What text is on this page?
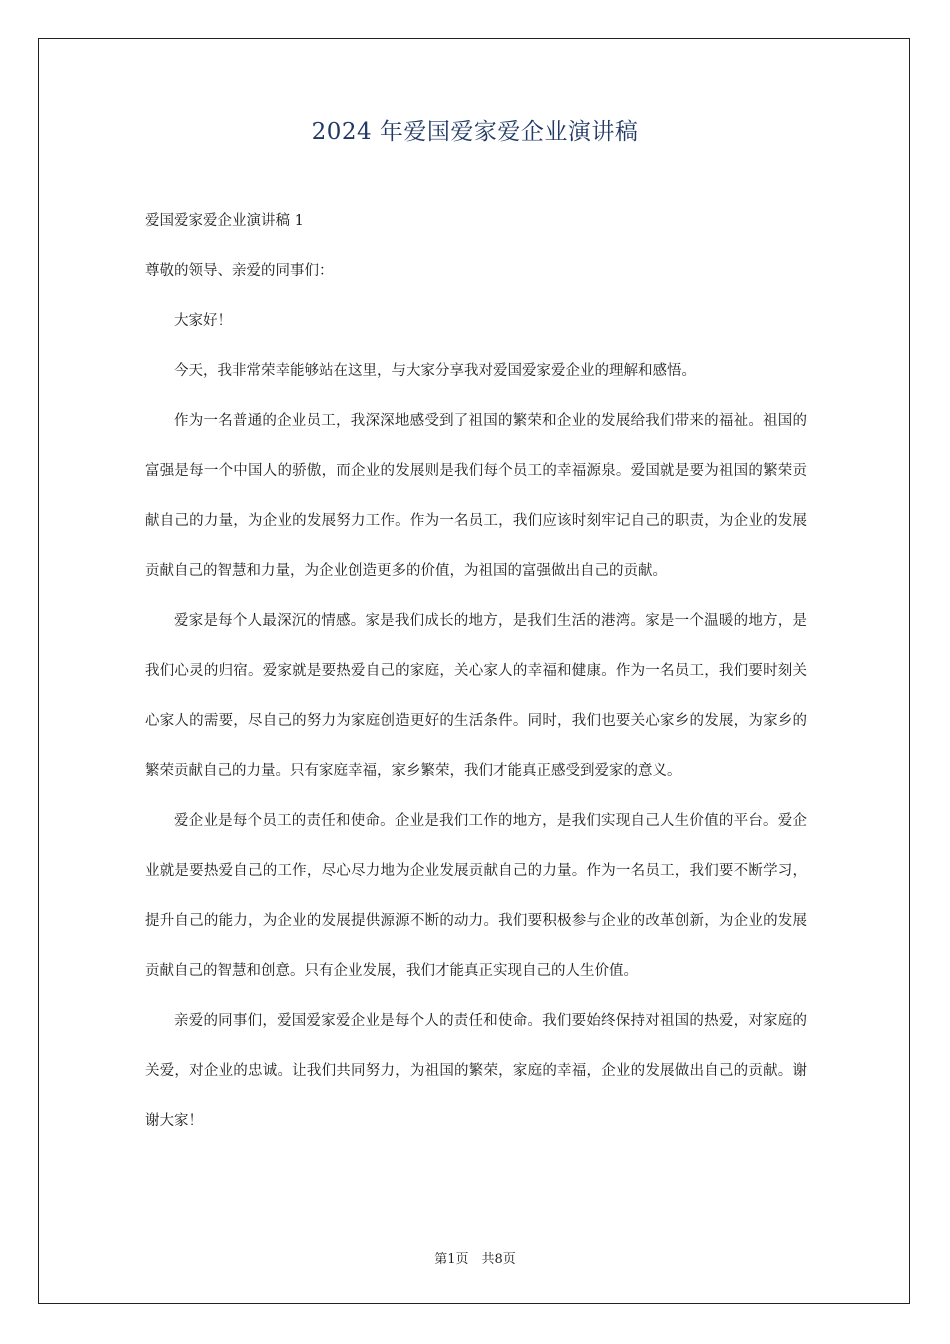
2024 年爱国爱家爱企业演讲稿

爱国爱家爱企业演讲稿 1

尊敬的领导、亲爱的同事们：

大家好！

今天，我非常荣幸能够站在这里，与大家分享我对爱国爱家爱企业的理解和感悟。

作为一名普通的企业员工，我深深地感受到了祖国的繁荣和企业的发展给我们带来的福祉。祖国的富强是每一个中国人的骄傲，而企业的发展则是我们每个员工的幸福源泉。爱国就是要为祖国的繁荣贡献自己的力量，为企业的发展努力工作。作为一名员工，我们应该时刻牢记自己的职责，为企业的发展贡献自己的智慧和力量，为企业创造更多的价值，为祖国的富强做出自己的贡献。

爱家是每个人最深沉的情感。家是我们成长的地方，是我们生活的港湾。家是一个温暖的地方，是我们心灵的归宿。爱家就是要热爱自己的家庭，关心家人的幸福和健康。作为一名员工，我们要时刻关心家人的需要，尽自己的努力为家庭创造更好的生活条件。同时，我们也要关心家乡的发展，为家乡的繁荣贡献自己的力量。只有家庭幸福，家乡繁荣，我们才能真正感受到爱家的意义。

爱企业是每个员工的责任和使命。企业是我们工作的地方，是我们实现自己人生价值的平台。爱企业就是要热爱自己的工作，尽心尽力地为企业发展贡献自己的力量。作为一名员工，我们要不断学习，提升自己的能力，为企业的发展提供源源不断的动力。我们要积极参与企业的改革创新，为企业的发展贡献自己的智慧和创意。只有企业发展，我们才能真正实现自己的人生价值。

亲爱的同事们，爱国爱家爱企业是每个人的责任和使命。我们要始终保持对祖国的热爱，对家庭的关爱，对企业的忠诚。让我们共同努力，为祖国的繁荣，家庭的幸福，企业的发展做出自己的贡献。谢谢大家！

第1页　共8页
